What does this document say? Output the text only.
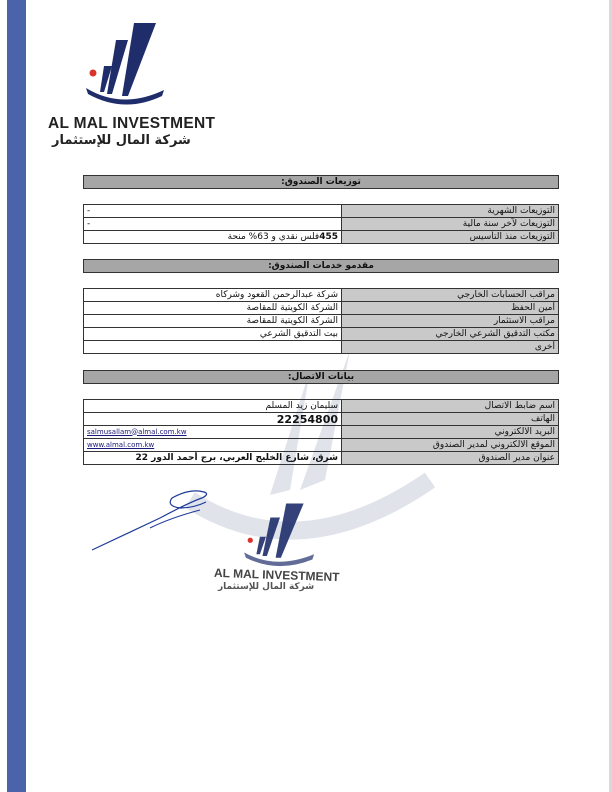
AL MAL INVESTMENT
شركة المال للإستثمار
توزيعات الصندوق:
-	التوزيعات الشهرية
-	التوزيعات لآخر سنة مالية
455فلس نقدي و 63% منحة	التوزيعات منذ التأسيس
مقدمو خدمات الصندوق:
شركة عبدالرحمن القعود وشركاه	مراقب الحسابات الخارجي
الشركة الكويتية للمقاصة	أمين الحفظ
الشركة الكويتية للمقاصة	مراقب الاستثمار
بيت التدقيق الشرعي	مكتب التدقيق الشرعي الخارجي
	أخرى
بيانات الاتصال:
سليمان زيد المسلم	اسم ضابط الاتصال
22254800	الهاتف
salmusallam@almal.com.kw	البريد الالكتروني
www.almal.com.kw	الموقع الالكتروني لمدير الصندوق
شرق، شارع الخليج العربي، برج أحمد الدور 22	عنوان مدير الصندوق
AL MAL INVESTMENT
شركة المال للإستثمار
